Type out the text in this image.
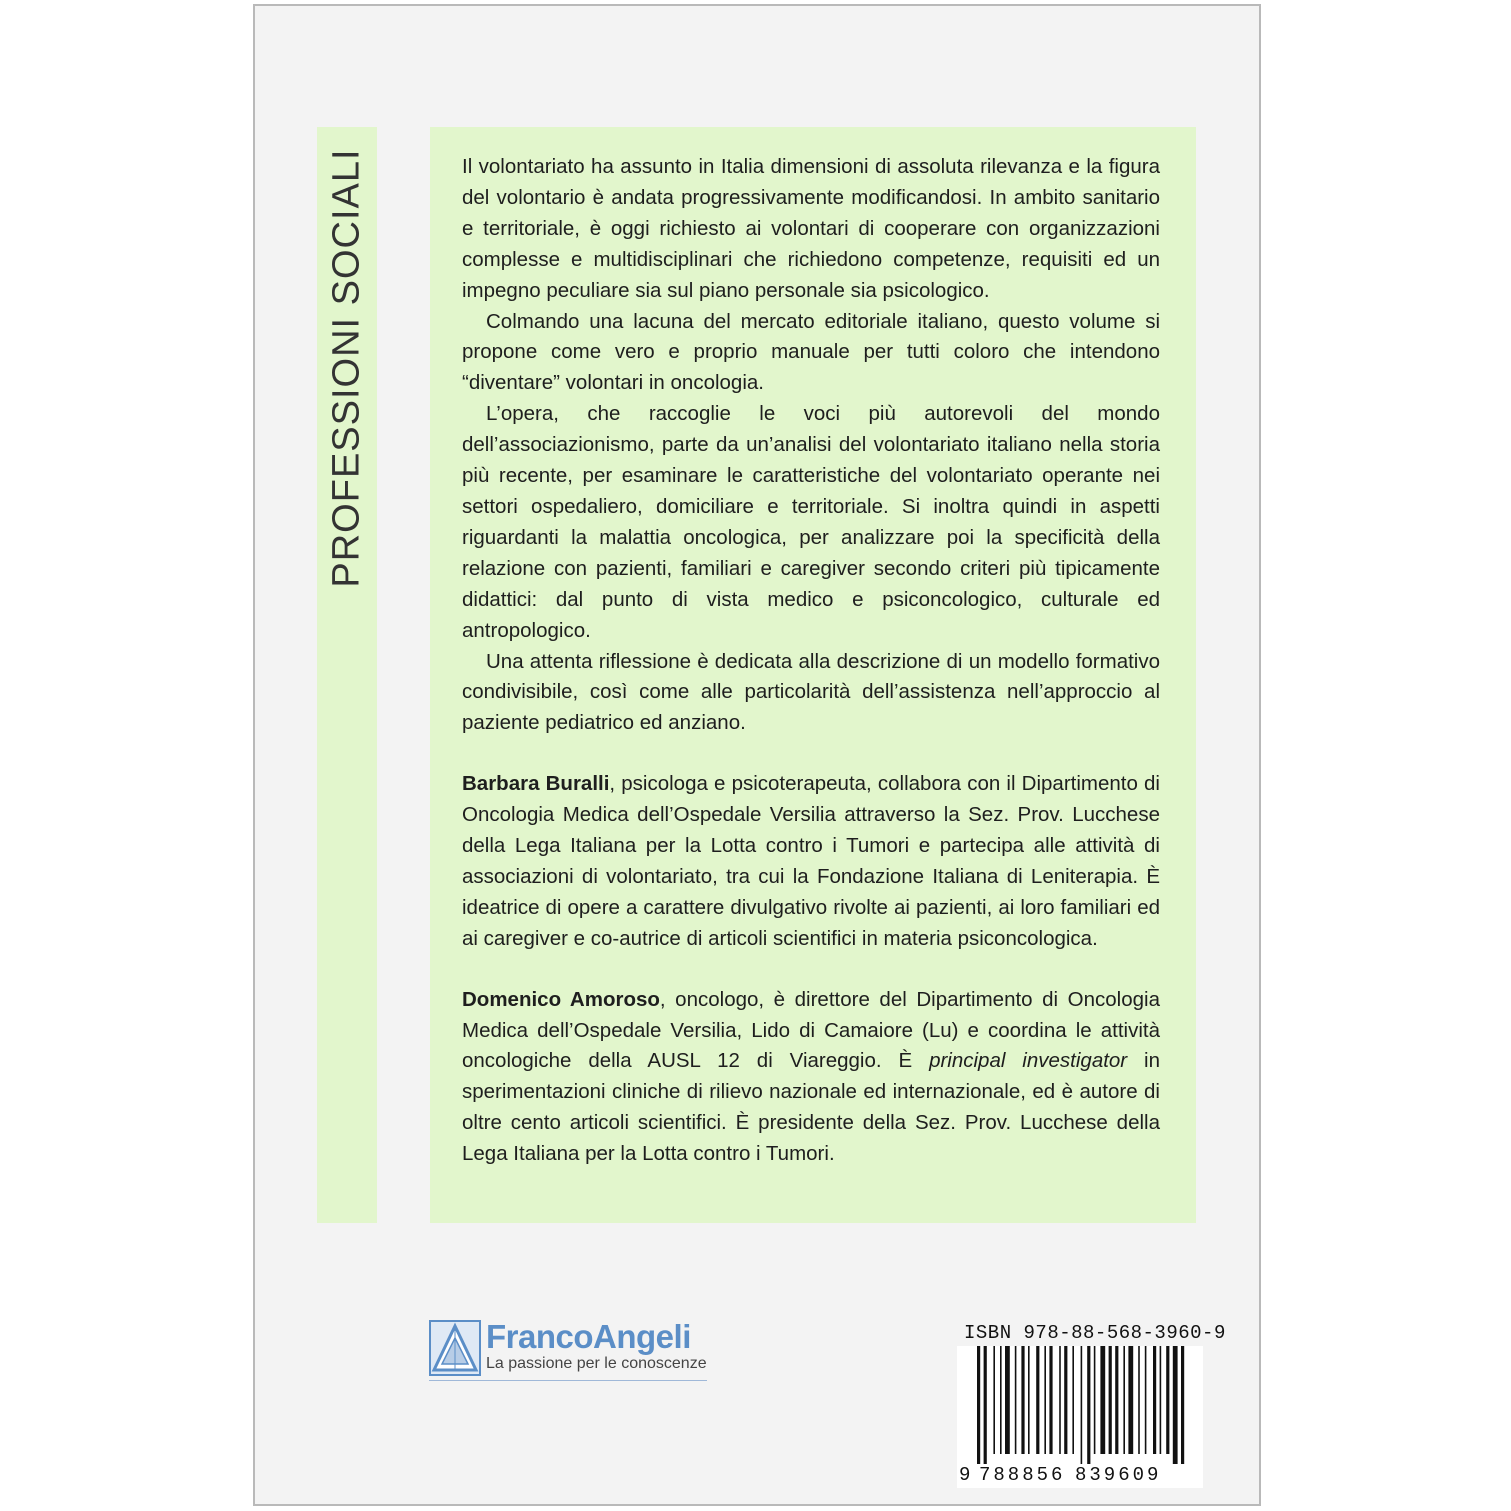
PROFESSIONI SOCIALI	Il volontariato ha assunto in Italia dimensioni di assoluta rilevanza e la figura del volontario è andata progressivamente modificandosi. In ambito sanitario e territoriale, è oggi richiesto ai volontari di cooperare con organizzazioni complesse e multidisciplinari che richiedono competenze, requisiti ed un impegno peculiare sia sul piano personale sia psicologico.

Colmando una lacuna del mercato editoriale italiano, questo volume si propone come vero e proprio manuale per tutti coloro che intendono “diventare” volontari in oncologia.

L’opera, che raccoglie le voci più autorevoli del mondo dell’associazionismo, parte da un’analisi del volontariato italiano nella storia più recente, per esaminare le caratteristiche del volontariato operante nei settori ospedaliero, domiciliare e territoriale. Si inoltra quindi in aspetti riguardanti la malattia oncologica, per analizzare poi la specificità della relazione con pazienti, familiari e caregiver secondo criteri più tipicamente didattici: dal punto di vista medico e psiconcologico, culturale ed antropologico.

Una attenta riflessione è dedicata alla descrizione di un modello formativo condivisibile, così come alle particolarità dell’assistenza nell’approccio al paziente pediatrico ed anziano.

Barbara Buralli, psicologa e psicoterapeuta, collabora con il Dipartimento di Oncologia Medica dell’Ospedale Versilia attraverso la Sez. Prov. Lucchese della Lega Italiana per la Lotta contro i Tumori e partecipa alle attività di associazioni di volontariato, tra cui la Fondazione Italiana di Leniterapia. È ideatrice di opere a carattere divulgativo rivolte ai pazienti, ai loro familiari ed ai caregiver e co-autrice di articoli scientifici in materia psiconcologica.

Domenico Amoroso, oncologo, è direttore del Dipartimento di Oncologia Medica dell’Ospedale Versilia, Lido di Camaiore (Lu) e coordina le attività oncologiche della AUSL 12 di Viareggio. È principal investigator in sperimentazioni cliniche di rilievo nazionale ed internazionale, ed è autore di oltre cento articoli scientifici. È presidente della Sez. Prov. Lucchese della Lega Italiana per la Lotta contro i Tumori.

FrancoAngeli
La passione per le conoscenze
ISBN 978-88-568-3960-9
9 788856 839609
